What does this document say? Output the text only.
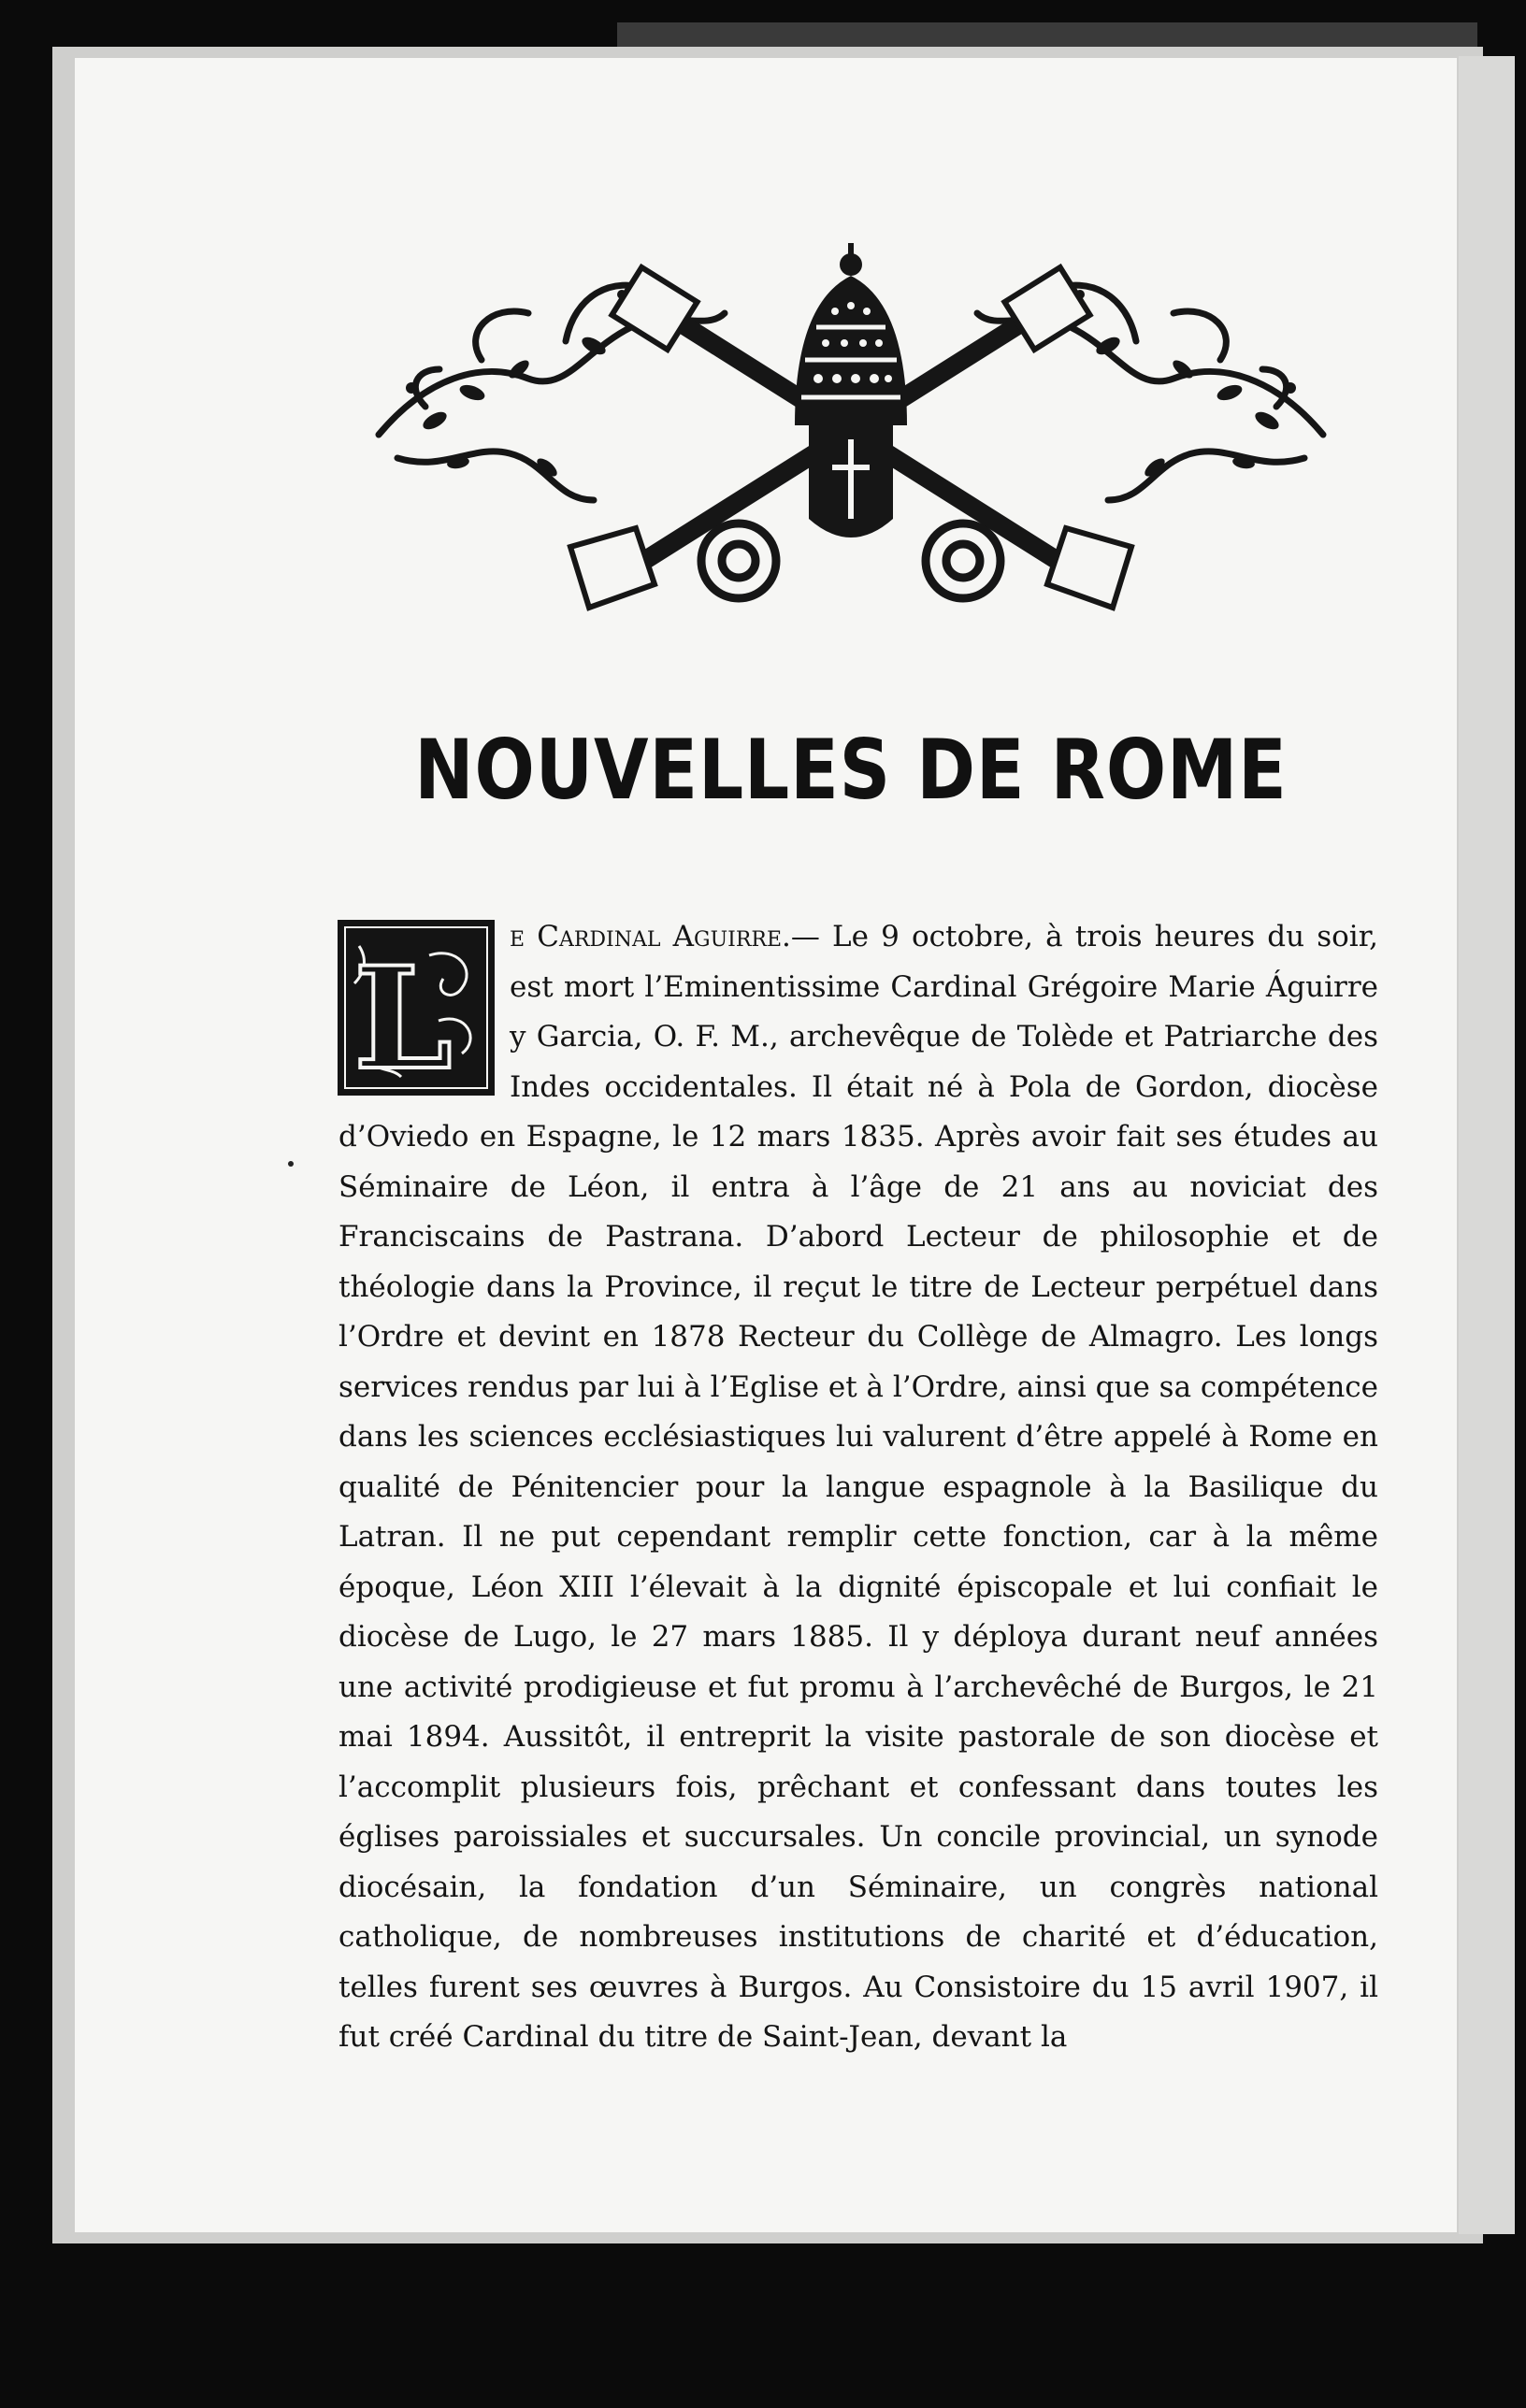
NOUVELLES DE ROME
L e Cardinal Aguirre.— Le 9 octobre, à trois heures du soir, est mort l’Eminentissime Cardinal Grégoire Marie Águirre y Garcia, O. F. M., archevêque de Tolède et Patriarche des Indes occidentales. Il était né à Pola de Gordon, diocèse d’Oviedo en Espagne, le 12 mars 1835. Après avoir fait ses études au Séminaire de Léon, il entra à l’âge de 21 ans au noviciat des Franciscains de Pastrana. D’abord Lecteur de philosophie et de théologie dans la Province, il reçut le titre de Lecteur perpétuel dans l’Ordre et devint en 1878 Recteur du Collège de Almagro. Les longs services rendus par lui à l’Eglise et à l’Ordre, ainsi que sa compétence dans les sciences ecclésiastiques lui valurent d’être appelé à Rome en qualité de Pénitencier pour la langue espagnole à la Basilique du Latran. Il ne put cependant remplir cette fonction, car à la même époque, Léon XIII l’élevait à la dignité épiscopale et lui confiait le diocèse de Lugo, le 27 mars 1885. Il y déploya durant neuf années une activité prodigieuse et fut promu à l’archevêché de Burgos, le 21 mai 1894. Aussitôt, il entreprit la visite pastorale de son diocèse et l’accomplit plusieurs fois, prêchant et confessant dans toutes les églises paroissiales et succursales. Un concile provincial, un synode diocésain, la fondation d’un Séminaire, un congrès national catholique, de nombreuses institutions de charité et d’éducation, telles furent ses œuvres à Burgos. Au Consistoire du 15 avril 1907, il fut créé Cardinal du titre de Saint-Jean, devant la
